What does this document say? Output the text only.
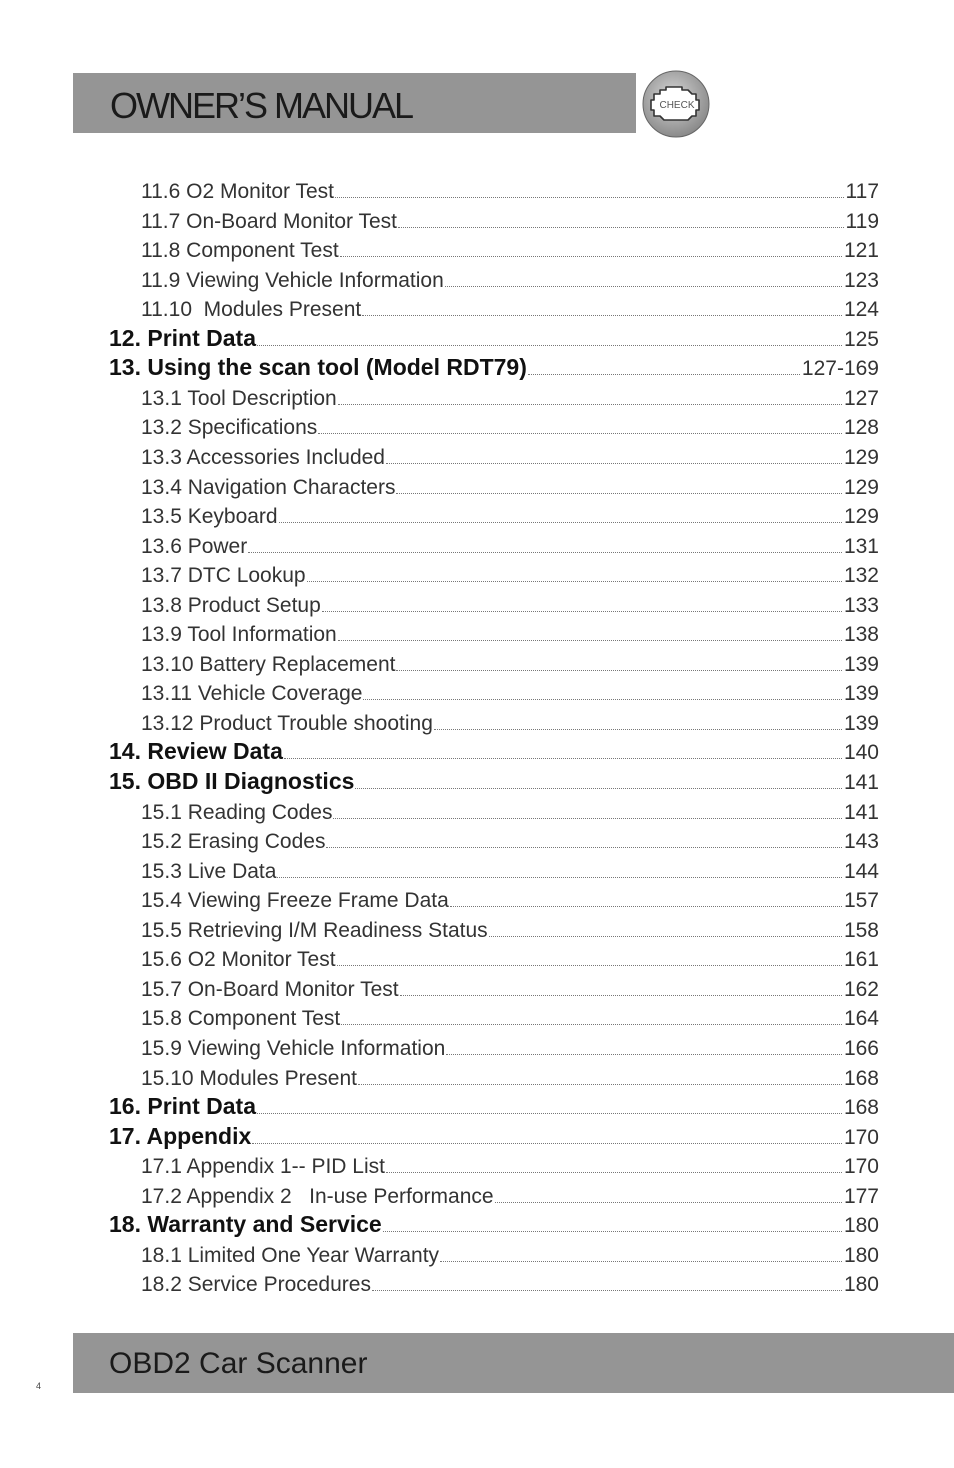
OWNER’S MANUAL	CHECK
11.6 O2 Monitor Test	117
11.7 On-Board Monitor Test	119
11.8 Component Test	121
11.9 Viewing Vehicle Information	123
11.10  Modules Present	124
12. Print Data	125
13. Using the scan tool (Model RDT79)	127-169
13.1 Tool Description	127
13.2 Specifications	128
13.3 Accessories Included	129
13.4 Navigation Characters	129
13.5 Keyboard	129
13.6 Power	131
13.7 DTC Lookup	132
13.8 Product Setup	133
13.9 Tool Information	138
13.10 Battery Replacement	139
13.11 Vehicle Coverage	139
13.12 Product Trouble shooting	139
14. Review Data	140
15. OBD II Diagnostics	141
15.1 Reading Codes	141
15.2 Erasing Codes	143
15.3 Live Data	144
15.4 Viewing Freeze Frame Data	157
15.5 Retrieving I/M Readiness Status	158
15.6 O2 Monitor Test	161
15.7 On-Board Monitor Test	162
15.8 Component Test	164
15.9 Viewing Vehicle Information	166
15.10 Modules Present	168
16. Print Data	168
17. Appendix	170
17.1 Appendix 1-- PID List	170
17.2 Appendix 2   In-use Performance	177
18. Warranty and Service	180
18.1 Limited One Year Warranty	180
18.2 Service Procedures	180
OBD2 Car Scanner
4
